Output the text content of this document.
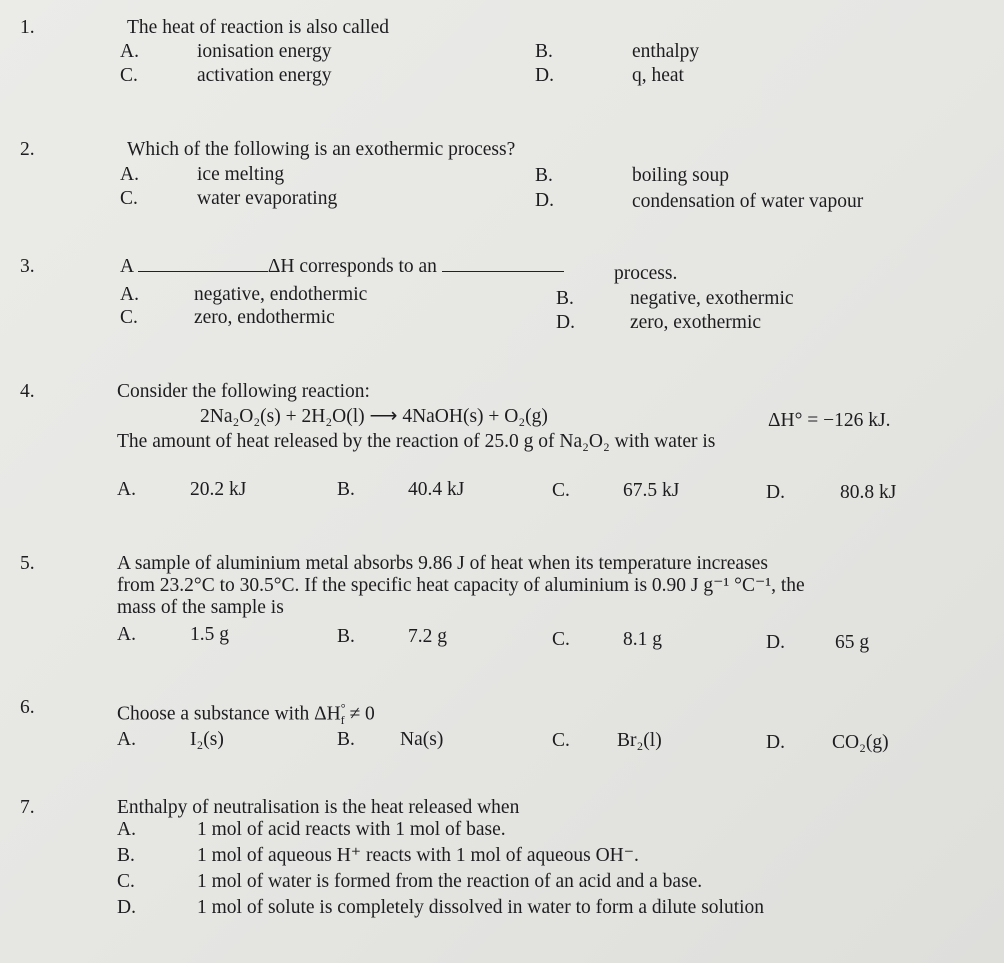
1.	The heat of reaction is also called
A.	ionisation energy	B.	enthalpy
C.	activation energy	D.	q, heat
2.	Which of the following is an exothermic process?
A.	ice melting	B.	boiling soup
C.	water evaporating	D.	condensation of water vapour
3.	A	ΔH corresponds to an	process.
A.	negative, endothermic	B.	negative, exothermic
C.	zero, endothermic	D.	zero, exothermic
4.	Consider the following reaction:
2Na₂O₂(s) + 2H₂O(l) ⟶ 4NaOH(s) + O₂(g)	ΔH° = −126 kJ.
The amount of heat released by the reaction of 25.0 g of Na₂O₂ with water is
A.	20.2 kJ	B.	40.4 kJ	C.	67.5 kJ	D.	80.8 kJ
5.	A sample of aluminium metal absorbs 9.86 J of heat when its temperature increases
from 23.2°C to 30.5°C. If the specific heat capacity of aluminium is 0.90 J g⁻¹ °C⁻¹, the
mass of the sample is
A.	1.5 g	B.	7.2 g	C.	8.1 g	D.	65 g
6.	Choose a substance with $\Delta H^\circ_f \ne 0$
A.	I₂(s)	B. Na(s)	C. Br₂(l)	D. CO₂(g)
7.	Enthalpy of neutralisation is the heat released when
A.	1 mol of acid reacts with 1 mol of base.
B.	1 mol of aqueous H⁺ reacts with 1 mol of aqueous OH⁻.
C.	1 mol of water is formed from the reaction of an acid and a base.
D.	1 mol of solute is completely dissolved in water to form a dilute solution
